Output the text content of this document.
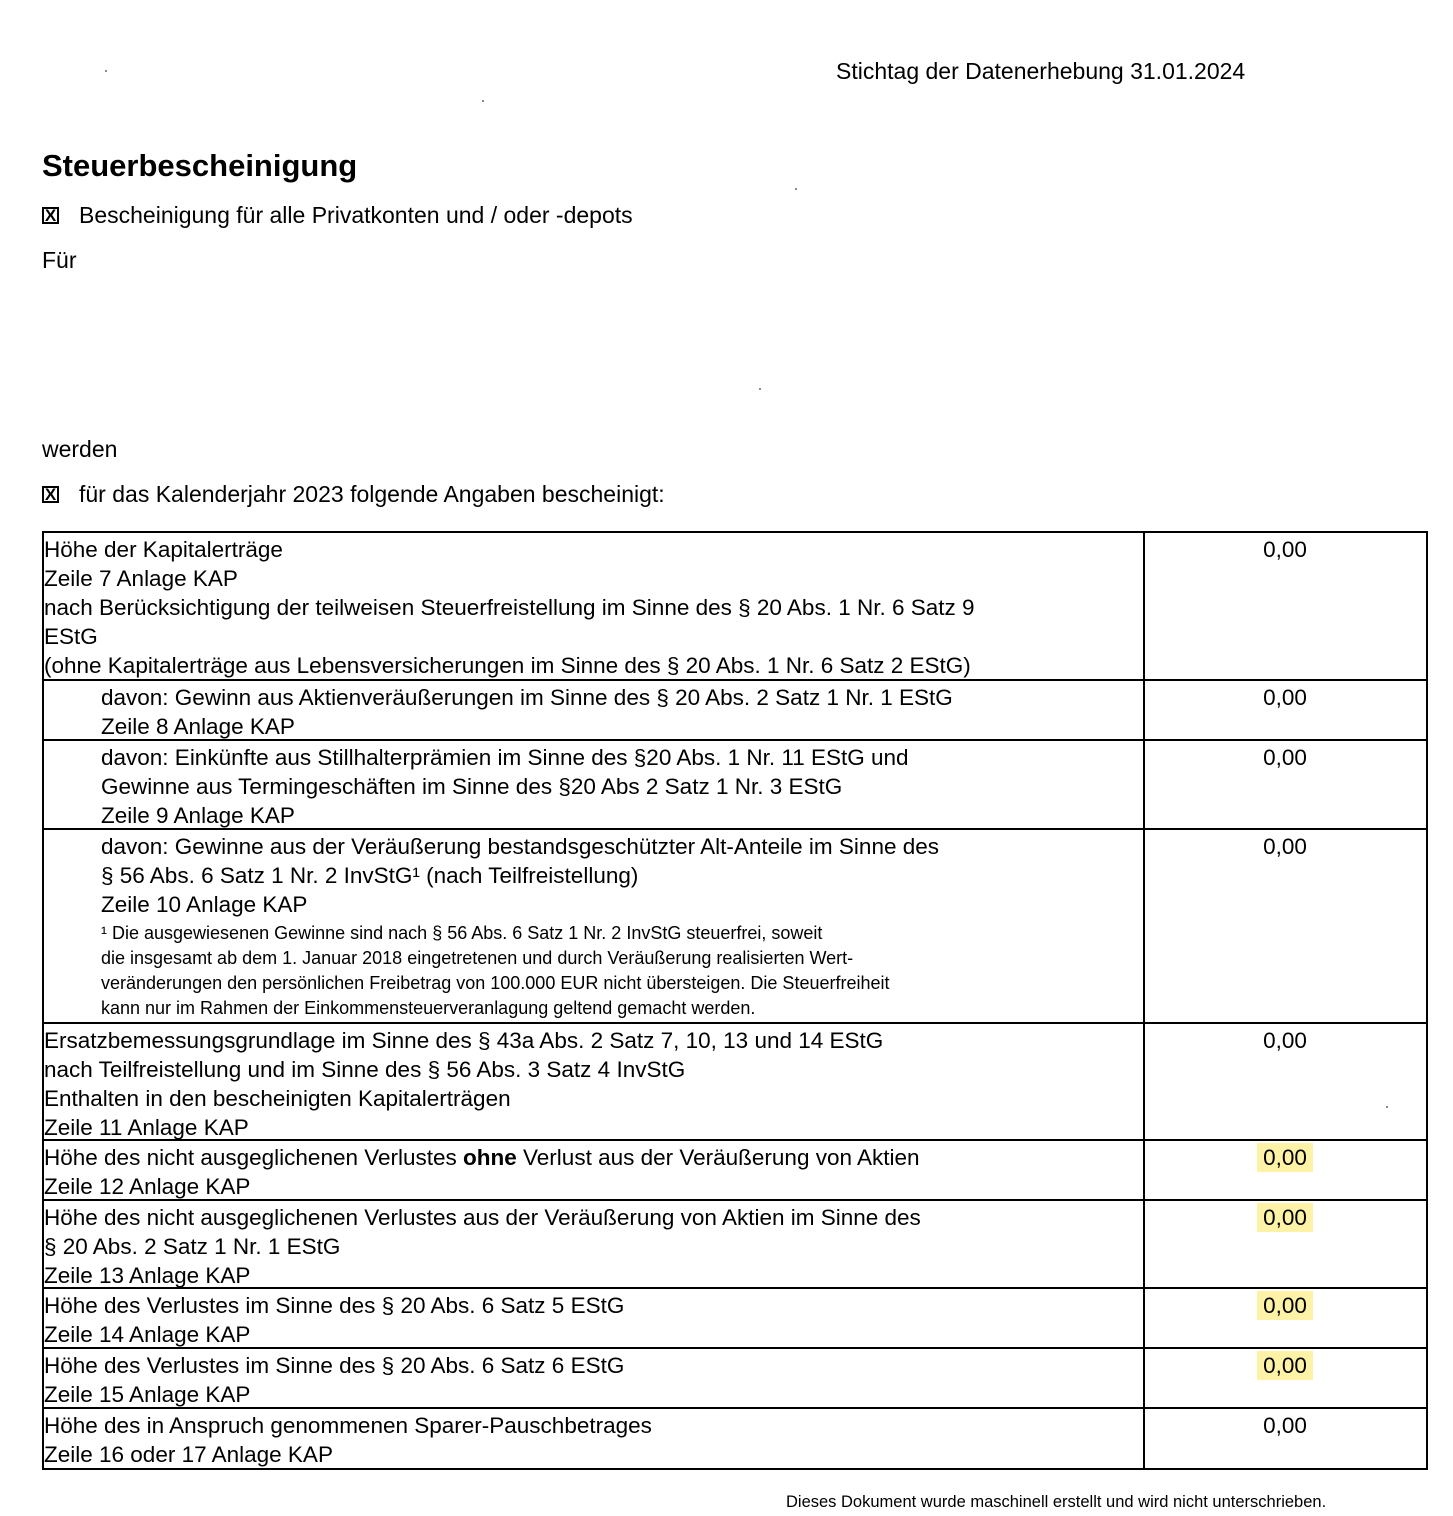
Stichtag der Datenerhebung 31.01.2024
Steuerbescheinigung
X Bescheinigung für alle Privatkonten und / oder -depots
Für
werden
X für das Kalenderjahr 2023 folgende Angaben bescheinigt:
Höhe der Kapitalerträge
Zeile 7 Anlage KAP
nach Berücksichtigung der teilweisen Steuerfreistellung im Sinne des § 20 Abs. 1 Nr. 6 Satz 9
EStG
(ohne Kapitalerträge aus Lebensversicherungen im Sinne des § 20 Abs. 1 Nr. 6 Satz 2 EStG)
0,00
davon: Gewinn aus Aktienveräußerungen im Sinne des § 20 Abs. 2 Satz 1 Nr. 1 EStG
Zeile 8 Anlage KAP
0,00
davon: Einkünfte aus Stillhalterprämien im Sinne des §20 Abs. 1 Nr. 11 EStG und
Gewinne aus Termingeschäften im Sinne des §20 Abs 2 Satz 1 Nr. 3 EStG
Zeile 9 Anlage KAP
0,00
davon: Gewinne aus der Veräußerung bestandsgeschützter Alt-Anteile im Sinne des
§ 56 Abs. 6 Satz 1 Nr. 2 InvStG¹ (nach Teilfreistellung)
Zeile 10 Anlage KAP
¹ Die ausgewiesenen Gewinne sind nach § 56 Abs. 6 Satz 1 Nr. 2 InvStG steuerfrei, soweit
die insgesamt ab dem 1. Januar 2018 eingetretenen und durch Veräußerung realisierten Wert-
veränderungen den persönlichen Freibetrag von 100.000 EUR nicht übersteigen. Die Steuerfreiheit
kann nur im Rahmen der Einkommensteuerveranlagung geltend gemacht werden.
0,00
Ersatzbemessungsgrundlage im Sinne des § 43a Abs. 2 Satz 7, 10, 13 und 14 EStG
nach Teilfreistellung und im Sinne des § 56 Abs. 3 Satz 4 InvStG
Enthalten in den bescheinigten Kapitalerträgen
Zeile 11 Anlage KAP
0,00
Höhe des nicht ausgeglichenen Verlustes ohne Verlust aus der Veräußerung von Aktien
Zeile 12 Anlage KAP
0,00
Höhe des nicht ausgeglichenen Verlustes aus der Veräußerung von Aktien im Sinne des
§ 20 Abs. 2 Satz 1 Nr. 1 EStG
Zeile 13 Anlage KAP
0,00
Höhe des Verlustes im Sinne des § 20 Abs. 6 Satz 5 EStG
Zeile 14 Anlage KAP
0,00
Höhe des Verlustes im Sinne des § 20 Abs. 6 Satz 6 EStG
Zeile 15 Anlage KAP
0,00
Höhe des in Anspruch genommenen Sparer-Pauschbetrages
Zeile 16 oder 17 Anlage KAP
0,00
Dieses Dokument wurde maschinell erstellt und wird nicht unterschrieben.
